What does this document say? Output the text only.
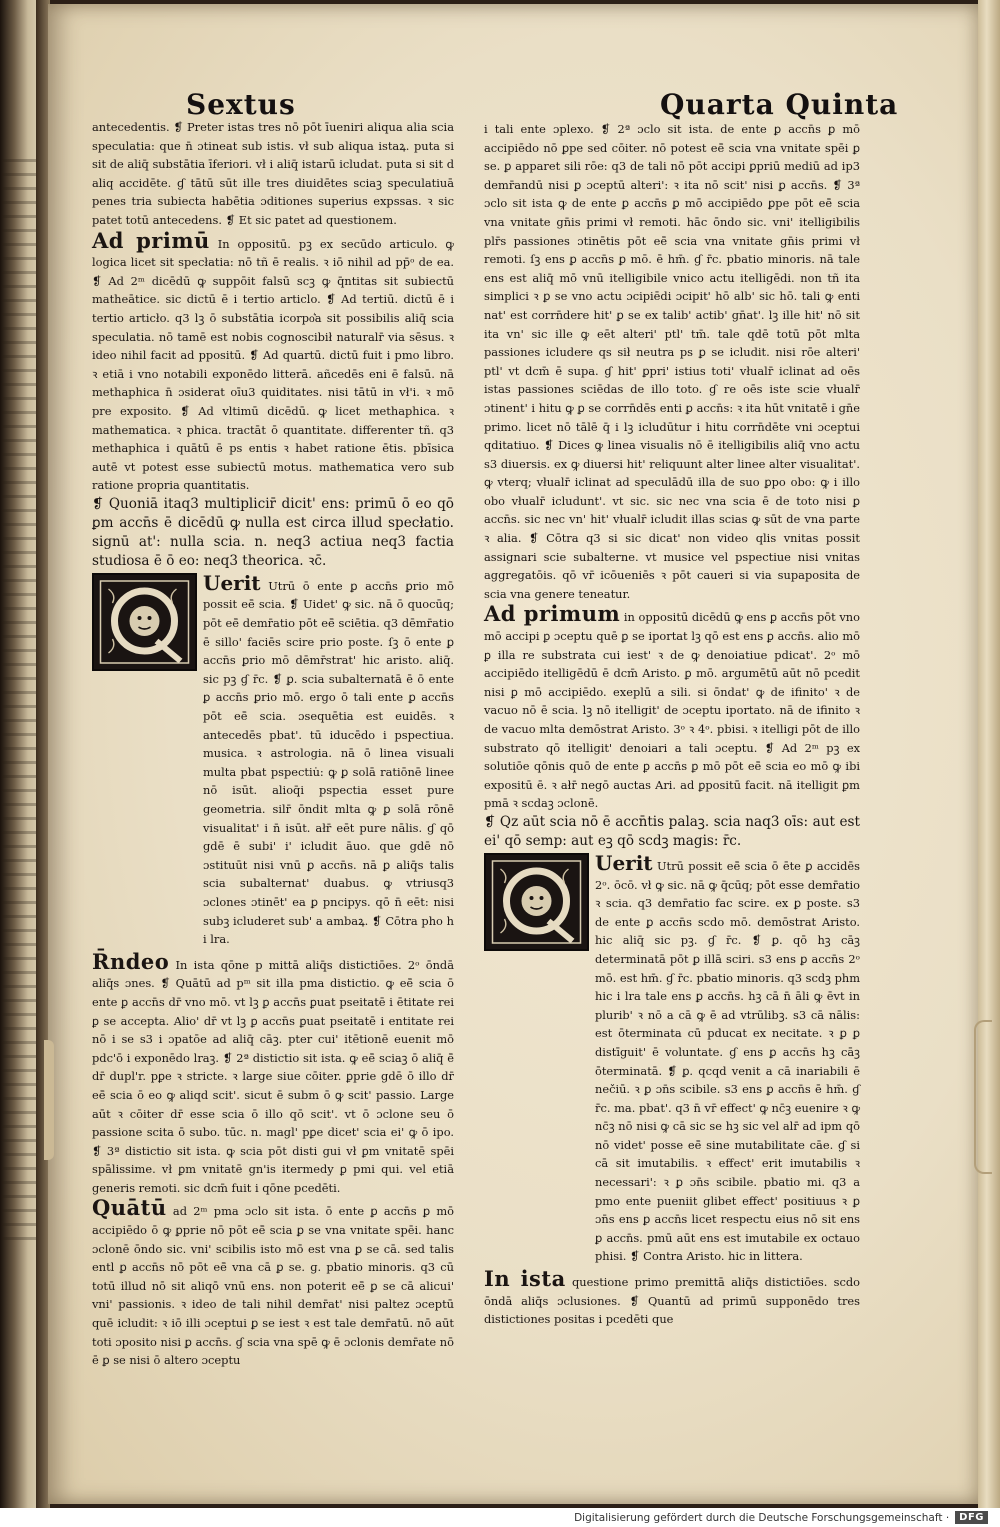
Sextus	Quarta Quinta

antecedentis. ❡ Preter istas tres nō pōt īueniri aliqua alia scia speculatia: que n̄ ɔtineat sub istis. vł sub aliqua istaꝝ. puta si sit de aliq̄ substātia īferiori. vł i aliq̄ istarū icludat. puta si sit d aliq accidēte. ɠ tātū sūt ille tres diuidētes sciaꝫ speculatiuā penes tria subiecta habētia ɔditiones superius expssas. ꝛ sic patet totū antecedens. ❡ Et sic patet ad questionem.

Ad primū In oppositū. pꝫ ex secūdo articulo. ꝙ logica licet sit specłatia: nō tñ ē realis. ꝛ iō nihil ad pp̄ᵒ de ea. ❡ Ad 2ᵐ dicēdū ꝙ suppōit falsū scꝫ ꝙ q̄ntitas sit subiectū matheātice. sic dictū ē i tertio articlo. ❡ Ad tertiū. dictū ē i tertio articło. q3 lꝫ ō substātia icorpo͛a sit possibilis aliq̄ scia speculatia. nō tamē est nobis cognoscibił naturalr̄ via sēsus. ꝛ ideo nihil facit ad ppositū. ❡ Ad quartū. dictū fuit i pmo libro. ꝛ etiā i vno notabili exponēdo litterā. añcedēs eni ē falsū. nā methaphica n̄ ɔsiderat oīu3 quiditates. nisi tātū in vł'i. ꝛ mō pre exposito. ❡ Ad vltimū dicēdū. ꝙ licet methaphica. ꝛ mathematica. ꝛ phica. tractāt ō quantitate. differenter tñ. q3 methaphica i quātū ē ps entis ꝛ habet ratione ētis. pbīsica autē vt potest esse subiectū motus. mathematica vero sub ratione propria quantitatis.

❡ Quoniā itaq3 multiplicir̄ dicit' ens: primū ō eo qō ꝑm accn̄s ē dicēdū ꝙ nulla est circa illud specłatio. signū at': nulla scia. n. neq3 actiua neq3 factia studiosa ē ō eo: neq3 theorica. ꝛc̄.

Uerit Utrū ō ente ꝑ accn̄s ꝑrio mō possit eē̄ scia. ❡ Uidet' ꝙ sic. nā ō quocūq; pōt eē̄ demr̄atio pōt eē̄ sciētia. q3 dēmr̄atio ē sillo' faciēs scire prio poste. ſꝫ ō ente ꝑ accn̄s ꝑrio mō dēmr̄strat' hic aristo. aliq̄. sic pꝫ ɠ r̄c. ❡ ꝑ. scia subalternatā ē ō ente ꝑ accn̄s ꝑrio mō. ergo ō tali ente ꝑ accn̄s pōt eē̄ scia. ɔsequētia est euidēs. ꝛ antecedēs pbat'. tū iducēdo i pspectiua. musica. ꝛ astrologia. nā ō linea visuali multa pbat pspectiu̇: ꝙ ꝑ solā ratiōnē linee nō isūt. alioq̄i pspectia esset pure geometria. silr̄ ōndit mlta ꝙ ꝑ solā rōnē visualitat' i n̄ isūt. ałr̄ eēt pure nālis. ɠ qō gdē ē subi' i' icludit āuo. que gdē nō ɔstituūt nisi vnū ꝑ accn̄s. nā ꝑ aliq̄s talis scia subalternat' duabus. ꝙ vtriusq3 ɔclones ɔtinēt' ea ꝑ pncipys. qō n̄ eēt: nisi subꝫ icluderet sub' a ambaꝝ. ❡ Cōtra pho h i lra.

R̄ndeo In ista qōne p mittā aliq̄s distictiōes. 2ᵒ ōndā aliq̄s ɔnes. ❡ Quātū ad pᵐ sit illa pma distictio. ꝙ eē̄ scia ō ente ꝑ accn̄s dr̄ vno mō. vt lꝫ ꝑ accn̄s ꝑuat pseitatē i ētitate rei ꝑ se accepta. Alio' dr̄ vt lꝫ ꝑ accn̄s ꝑuat pseitatē i entitate rei nō i se s3 i ɔpatōe ad aliq̄ cāꝫ. pter cui' itētionē euenit mō pdc'ō i exponēdo lraꝫ. ❡ 2ª distictio sit ista. ꝙ eē̄ sciaꝫ ō aliq̄ ē̄ dr̄ dupl'r. pꝑe ꝛ stricte. ꝛ large siue cōiter. ꝑprie gdē ō illo dr̄ eē̄ scia ō eo ꝙ aliqd scit'. sicut ē subm ō ꝙ scit' passio. Large aūt ꝛ cōiter dr̄ esse scia ō illo qō scit'. vt ō ɔclone seu ō passione scita ō subo. tūc. n. magl' pꝑe dicet' scia ei' ꝙ ō ipo. ❡ 3ª distictio sit ista. ꝙ scia pōt disti gui vł ꝑm vnitatē spēi spālissime. vł ꝑm vnitatē gn'is itermedy ꝑ pmi qui. vel etiā generis remoti. sic dcm̄ fuit i qōne pcedēti.

Quātū ad 2ᵐ pma ɔclo sit ista. ō ente ꝑ accn̄s ꝑ mō accipiēdo ō ꝙ ꝑprie nō pōt eē̄ scia ꝑ se vna vnitate spēi. hanc ɔclonē ōndo sic. vni' scibilis isto mō est vna ꝑ se cā. sed talis entl ꝑ accn̄s nō pōt eē̄ vna cā ꝑ se. ɡ. pbatio minoris. q3 cū totū illud nō sit aliqō vnū ens. non poterit eē̄ ꝑ se cā alicui' vni' passionis. ꝛ ideo de tali nihil demr̄at' nisi paltez ɔceptū quē icludit: ꝛ iō illi ɔceptui ꝑ se iest ꝛ est tale demr̄atū. nō aūt toti ɔposito nisi ꝑ accn̄s. ɠ scia vna spē ꝙ ē ɔclonis demr̄ate nō ē ꝑ se nisi ō altero ɔceptu

i tali ente ɔplexo. ❡ 2ª ɔclo sit ista. de ente ꝑ accn̄s ꝑ mō accipiēdo nō ꝑpe sed cōiter. nō potest eē̄ scia vna vnitate spēi ꝑ se. ꝑ apparet sili rōe: q3 de tali nō pōt accipi ꝑpriū mediū ad ip3 demr̄andū nisi ꝑ ɔceptū alteri': ꝛ ita nō scit' nisi ꝑ accn̄s. ❡ 3ª ɔclo sit ista ꝙ de ente ꝑ accn̄s ꝑ mō accipiēdo ꝑpe pōt eē̄ scia vna vnitate gn̄is primi vł remoti. hāc ōndo sic. vni' itelligibilis plr̄s passiones ɔtinētis pōt eē̄ scia vna vnitate gn̄is primi vł remoti. ſꝫ ens ꝑ accn̄s ꝑ mō. ē hm̄. ɠ r̄c. pbatio minoris. nā tale ens est aliq̄ mō vnū itelligibile vnico actu itelligēdi. non tñ ita simplici ꝛ ꝑ se vno actu ɔcipiēdi ɔcipit' hō alb' sic hō. tali ꝙ enti nat' est corrn̄dere hit' ꝑ se ex talib' actib' gn̄at'. lꝫ ille hit' nō sit ita vn' sic ille ꝙ eēt alteri' ptl' tm̄. tale qdē totū pōt mlta passiones icludere qs sił neutra ps ꝑ se icludit. nisi rōe alteri' ptl' vt dcm̄ ē supa. ɠ hit' ꝑpri' istius toti' vłualr̄ iclinat ad oēs istas passiones sciēdas de illo toto. ɠ re oēs iste scie vłualr̄ ɔtinent' i hitu ꝙ ꝑ se corrn̄dēs enti ꝑ accn̄s: ꝛ ita hūt vnitatē i gn̄e primo. licet nō tālē q̄ i lꝫ icludūtur i hitu corrn̄dēte vni ɔceptui qditatiuo. ❡ Dices ꝙ linea visualis nō ē itelligibilis aliq̄ vno actu s3 diuersis. ex ꝙ diuersi hit' reliquunt alter linee alter visualitat'. ꝙ vterq; vłualr̄ iclinat ad speculādū illa de suo ꝑpo obo: ꝙ i illo obo vłualr̄ icludunt'. vt sic. sic nec vna scia ē de toto nisi ꝑ accn̄s. sic nec vn' hit' vłualr̄ icludit illas scias ꝙ sūt de vna parte ꝛ alia. ❡ Cōtra q3 si sic dicat' non video qlis vnitas possit assignari scie subalterne. vt musice vel pspectiue nisi vnitas aggregatōis. qō vr̄ icōueniēs ꝛ pōt caueri si via supaposita de scia vna genere teneatur.

Ad primum in oppositū dicēdū ꝙ ens ꝑ accn̄s pōt vno mō accipi ꝑ ɔceptu quē ꝑ se iportat lꝫ qō est ens ꝑ accn̄s. alio mō ꝑ illa re substrata cui iest' ꝛ de ꝙ denoiatiue pdicat'. 2ᵒ mō accipiēdo itelligēdū ē dcm̄ Aristo. ꝑ mō. argumētū aūt nō pcedit nisi ꝑ mō accipiēdo. exeplū a sili. si ōndat' ꝙ de ifinito' ꝛ de vacuo nō ē scia. lꝫ nō itelligit' de ɔceptu iportato. nā de ifinito ꝛ de vacuo mlta demōstrat Aristo. 3ᵒ ꝛ 4ᵒ. pbisi. ꝛ itelligi pōt de illo substrato qō itelligit' denoiari a tali ɔceptu. ❡ Ad 2ᵐ pꝫ ex solutiōe qōnis quō de ente ꝑ accn̄s ꝑ mō pōt eē̄ scia eo mō ꝙ ibi expositū ē. ꝛ ałr̄ negō auctas Ari. ad ꝑpositū facit. nā itelligit ꝑm pmā ꝛ scdaꝫ ɔclonē.

❡ Qz aūt scia nō ē accn̄tis palaꝫ. scia naq3 oīs: aut est ei' qō semp: aut eꝫ qō scdꝫ magis: r̄c.

Uerit Utrū possit eē̄ scia ō ēte ꝑ accidēs 2ᵒ. ōcō. vł ꝙ sic. nā ꝙ q̄cūq; pōt esse demr̄atio ꝛ scia. q3 demr̄atio fac scire. ex ꝑ poste. s3 de ente ꝑ accn̄s scdo mō. demōstrat Aristo. hic aliq̄ sic pꝫ. ɠ r̄c. ❡ ꝑ. qō hꝫ cāꝫ determinatā pōt ꝑ illā sciri. s3 ens ꝑ accn̄s 2ᵒ mō. est hm̄. ɠ r̄c. pbatio minoris. q3 scdꝫ phm hic i lra tale ens ꝑ accn̄s. hꝫ cā n̄ āli ꝙ ēvt in plurib' ꝛ nō a cā ꝙ ē ad vtrūlibꝫ. s3 cā nālis: est ōterminata cū pducat ex necitate. ꝛ ꝑ ꝑ distīguit' ē voluntate. ɠ ens ꝑ accn̄s hꝫ cāꝫ ōterminatā. ❡ ꝑ. qcqd venit a cā inariabili ē nečiū. ꝛ ꝑ ɔn̄s scibile. s3 ens ꝑ accn̄s ē hm̄. ɠ r̄c. ma. pbat'. q3 n̄ vr̄ effect' ꝙ nc̄ꝫ euenire ꝛ ꝙ nc̄ꝫ nō nisi ꝙ cā sic se hꝫ sic vel alr̄ ad ipm qō nō videt' posse eē̄ sine mutabilitate cāe. ɠ si cā sit imutabilis. ꝛ effect' erit imutabilis ꝛ necessari': ꝛ ꝑ ɔn̄s scibile. pbatio mi. q3 a pmo ente pueniit glibet effect' positiuus ꝛ ꝑ ɔn̄s ens ꝑ accn̄s licet respectu eius nō sit ens ꝑ accn̄s. pmū aūt ens est imutabile ex octauo phisi. ❡ Contra Aristo. hic in littera.

In ista questione primo premittā aliq̄s distictiōes. scdo ōndā aliq̄s ɔclusiones. ❡ Quantū ad primū supponēdo tres distictiones positas i pcedēti que

Digitalisierung gefördert durch die Deutsche Forschungsgemeinschaft ·	DFG
